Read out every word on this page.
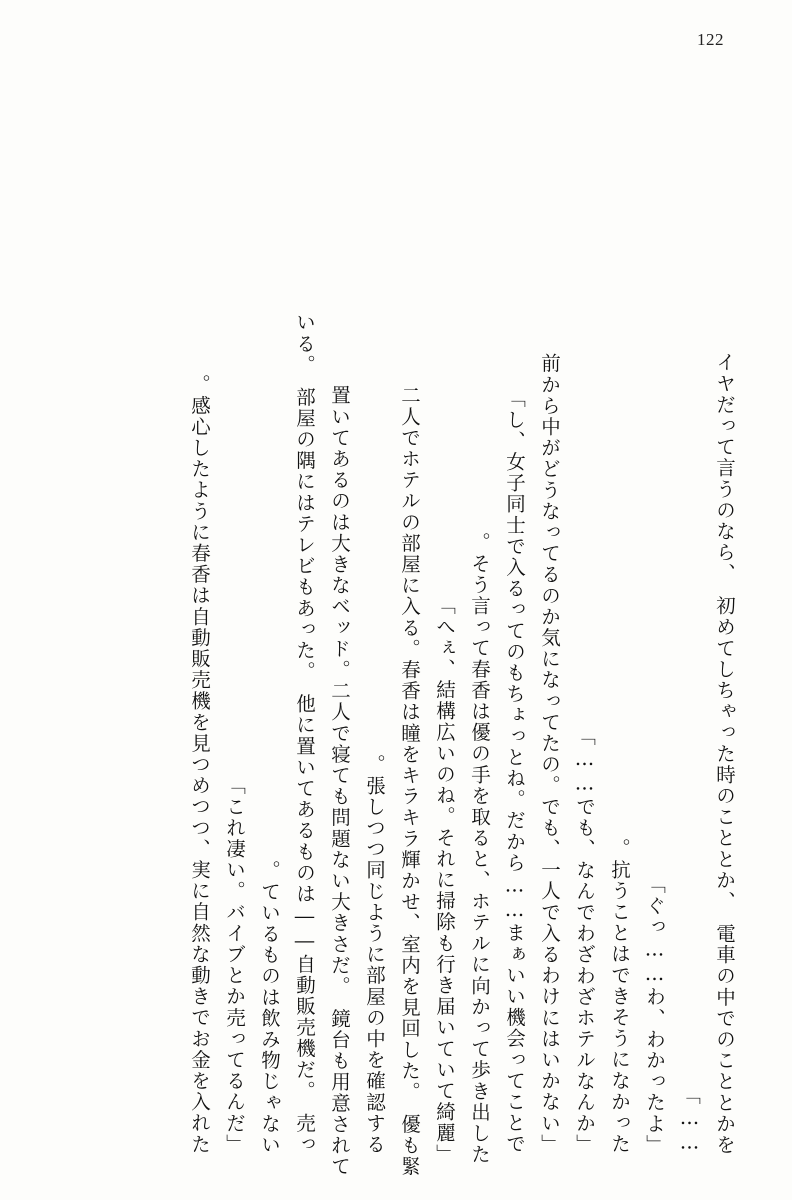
122
イヤだって言うのなら、　初めてしちゃった時のこととか、　電車の中でのこととかを
……」
「ぐっ……わ、わかったよ」
抗うことはできそうになかった。
「でも、なんでわざわざホテルなんか……」
「前から中がどうなってるのか気になってたの。でも、一人で入るわけにはいかない
し、女子同士で入るってのもちょっとね。だから……まぁいい機会ってことで」
そう言って春香は優の手を取ると、ホテルに向かって歩き出した。
「へぇ、結構広いのね。それに掃除も行き届いていて綺麗」
二人でホテルの部屋に入る。春香は瞳をキラキラ輝かせ、室内を見回した。　優も緊
張しつつ同じように部屋の中を確認する。
置いてあるのは大きなベッド。二人で寝ても問題ない大きさだ。　鏡台も用意されて
いる。　部屋の隅にはテレビもあった。　他に置いてあるものは――自動販売機だ。　売っ
ているものは飲み物じゃない。
「これ凄い。バイブとか売ってるんだ」
感心したように春香は自動販売機を見つめつつ、実に自然な動きでお金を入れた。
